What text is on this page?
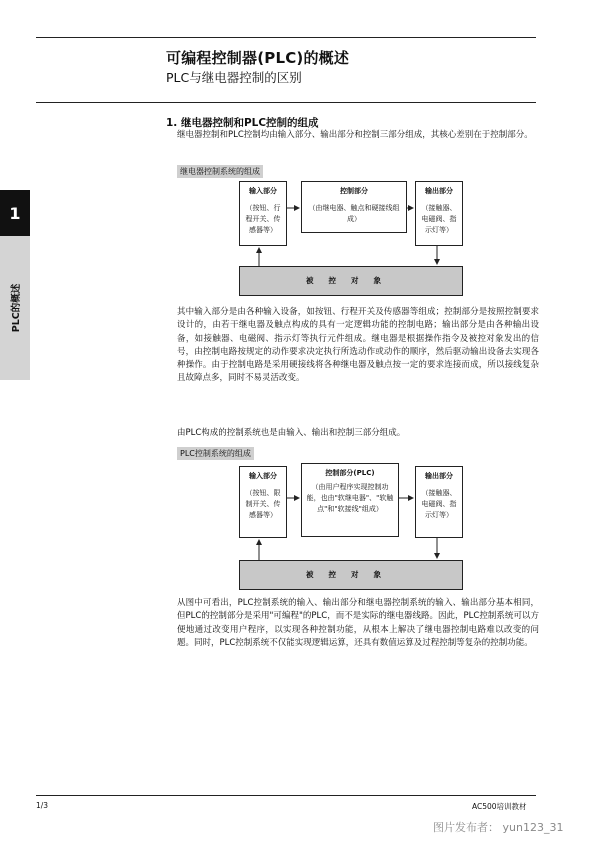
可编程控制器(PLC)的概述
PLC与继电器控制的区别
1
PLC的概述
1. 继电器控制和PLC控制的组成

继电器控制和PLC控制均由输入部分、输出部分和控制三部分组成，其核心差别在于控制部分。

继电器控制系统的组成
输入部分
（按钮、行程开关、传感器等）
控制部分
（由继电器、触点和硬接线组成）
输出部分
（接触器、电磁阀、指示灯等）
被控对象

其中输入部分是由各种输入设备，如按钮、行程开关及传感器等组成；控制部分是按照控制要求设计的，由若干继电器及触点构成的具有一定逻辑功能的控制电路；输出部分是由各种输出设备，如接触器、电磁阀、指示灯等执行元件组成。继电器是根据操作指令及被控对象发出的信号，由控制电路按规定的动作要求决定执行所选动作或动作的顺序，然后驱动输出设备去实现各种操作。由于控制电路是采用硬接线将各种继电器及触点按一定的要求连接而成，所以接线复杂且故障点多，同时不易灵活改变。

由PLC构成的控制系统也是由输入、输出和控制三部分组成。

PLC控制系统的组成
输入部分
（按钮、限制开关、传感器等）
控制部分(PLC)
（由用户程序实现控制功能，也由"软继电器"、"软触点"和"软接线"组成）
输出部分
（接触器、电磁阀、指示灯等）
被控对象

从图中可看出，PLC控制系统的输入、输出部分和继电器控制系统的输入、输出部分基本相同，但PLC的控制部分是采用"可编程"的PLC，而不是实际的继电器线路。因此，PLC控制系统可以方便地通过改变用户程序，以实现各种控制功能，从根本上解决了继电器控制电路难以改变的问题。同时，PLC控制系统不仅能实现逻辑运算，还具有数值运算及过程控制等复杂的控制功能。

1/3	AC500培训教材
图片发布者： yun123_31
